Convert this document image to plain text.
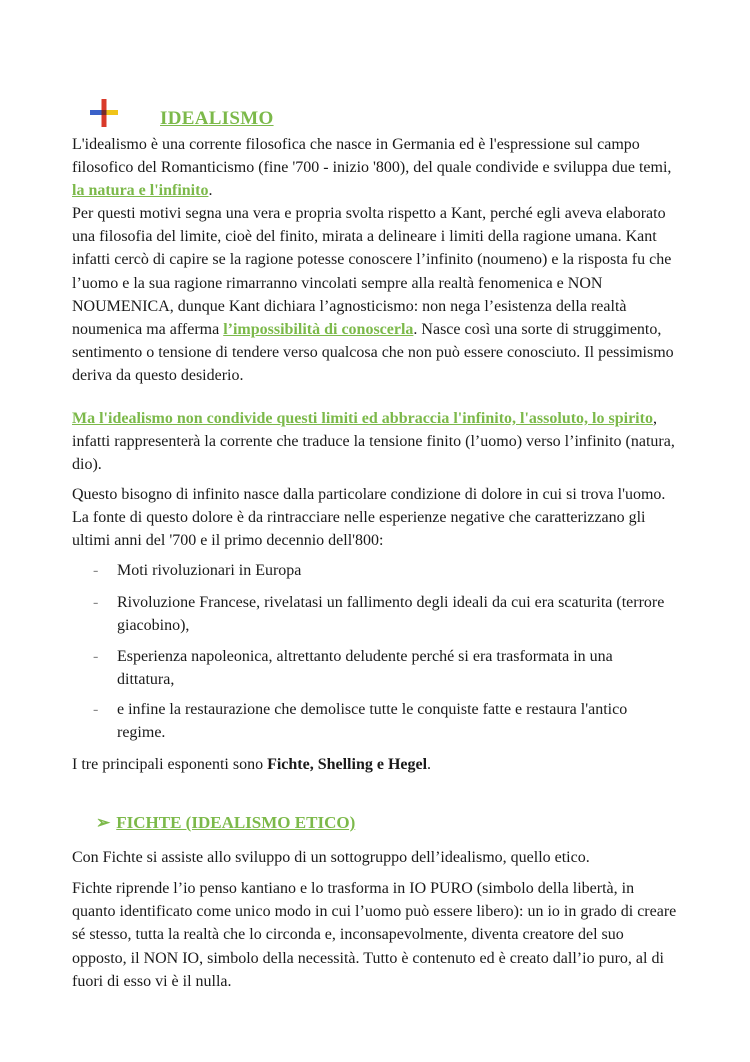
IDEALISMO
L'idealismo è una corrente filosofica che nasce in Germania ed è l'espressione sul campo filosofico del Romanticismo (fine '700 - inizio '800), del quale condivide e sviluppa due temi, la natura e l'infinito.
Per questi motivi segna una vera e propria svolta rispetto a Kant, perché egli aveva elaborato una filosofia del limite, cioè del finito, mirata a delineare i limiti della ragione umana. Kant infatti cercò di capire se la ragione potesse conoscere l’infinito (noumeno) e la risposta fu che l’uomo e la sua ragione rimarranno vincolati sempre alla realtà fenomenica e NON NOUMENICA, dunque Kant dichiara l’agnosticismo: non nega l’esistenza della realtà noumenica ma afferma l’impossibilità di conoscerla. Nasce così una sorte di struggimento, sentimento o tensione di tendere verso qualcosa che non può essere conosciuto. Il pessimismo deriva da questo desiderio.
Ma l'idealismo non condivide questi limiti ed abbraccia l'infinito, l'assoluto, lo spirito, infatti rappresenterà la corrente che traduce la tensione finito (l’uomo) verso l’infinito (natura, dio).
Questo bisogno di infinito nasce dalla particolare condizione di dolore in cui si trova l'uomo. La fonte di questo dolore è da rintracciare nelle esperienze negative che caratterizzano gli ultimi anni del '700 e il primo decennio dell'800:
- Moti rivoluzionari in Europa
- Rivoluzione Francese, rivelatasi un fallimento degli ideali da cui era scaturita (terrore giacobino),
- Esperienza napoleonica, altrettanto deludente perché si era trasformata in una dittatura,
- e infine la restaurazione che demolisce tutte le conquiste fatte e restaura l'antico regime.
I tre principali esponenti sono Fichte, Shelling e Hegel.
➢ FICHTE (IDEALISMO ETICO)
Con Fichte si assiste allo sviluppo di un sottogruppo dell’idealismo, quello etico.
Fichte riprende l’io penso kantiano e lo trasforma in IO PURO (simbolo della libertà, in quanto identificato come unico modo in cui l’uomo può essere libero): un io in grado di creare sé stesso, tutta la realtà che lo circonda e, inconsapevolmente, diventa creatore del suo opposto, il NON IO, simbolo della necessità. Tutto è contenuto ed è creato dall’io puro, al di fuori di esso vi è il nulla.
